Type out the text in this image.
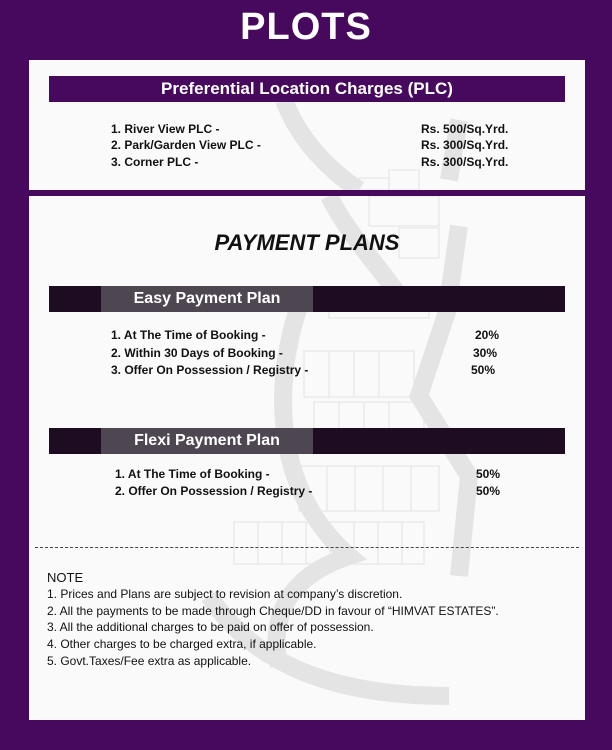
PLOTS
Preferential Location Charges (PLC)
1. River View PLC -	Rs. 500/Sq.Yrd.
2. Park/Garden View PLC -	Rs. 300/Sq.Yrd.
3. Corner PLC -	Rs. 300/Sq.Yrd.
PAYMENT PLANS
Easy Payment Plan
1. At The Time of Booking -	20%
2. Within 30 Days of Booking -	30%
3. Offer On Possession / Registry -	50%
Flexi Payment Plan
1. At The Time of Booking -	50%
2. Offer On Possession / Registry -	50%
NOTE
1. Prices and Plans are subject to revision at company’s discretion.
2. All the payments to be made through Cheque/DD in favour of “HIMVAT ESTATES”.
3. All the additional charges to be paid on offer of possession.
4. Other charges to be charged extra, if applicable.
5. Govt.Taxes/Fee extra as applicable.
